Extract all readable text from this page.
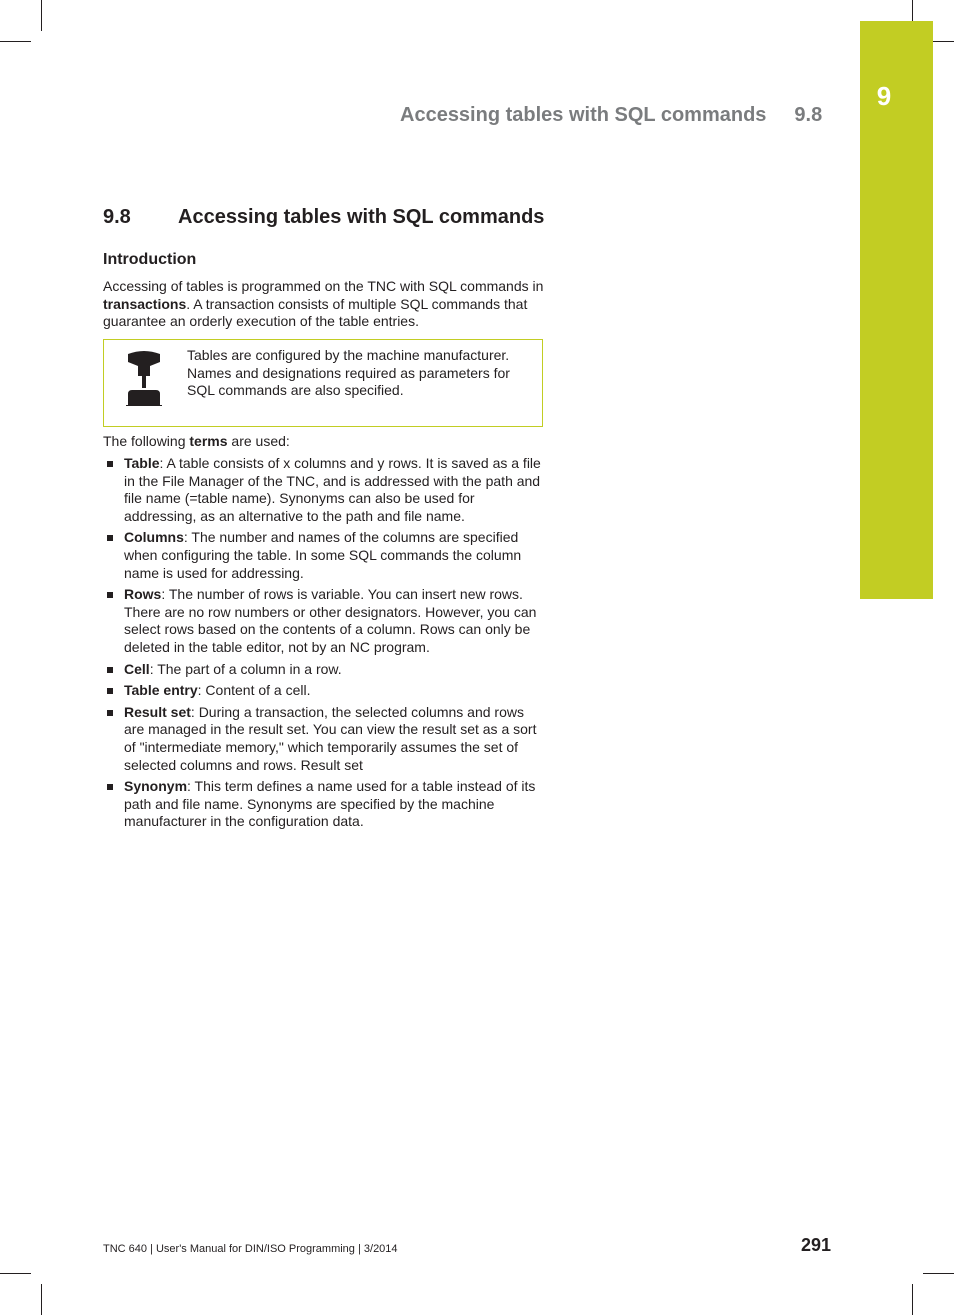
9
Accessing tables with SQL commands 9.8
9.8 Accessing tables with SQL commands
Introduction

Accessing of tables is programmed on the TNC with SQL commands in transactions. A transaction consists of multiple SQL commands that guarantee an orderly execution of the table entries.

Tables are configured by the machine manufacturer. Names and designations required as parameters for SQL commands are also specified.

The following terms are used:

Table: A table consists of x columns and y rows. It is saved as a file in the File Manager of the TNC, and is addressed with the path and file name (=table name). Synonyms can also be used for addressing, as an alternative to the path and file name.
Columns: The number and names of the columns are specified when configuring the table. In some SQL commands the column name is used for addressing.
Rows: The number of rows is variable. You can insert new rows. There are no row numbers or other designators. However, you can select rows based on the contents of a column. Rows can only be deleted in the table editor, not by an NC program.
Cell: The part of a column in a row.
Table entry: Content of a cell.
Result set: During a transaction, the selected columns and rows are managed in the result set. You can view the result set as a sort of "intermediate memory," which temporarily assumes the set of selected columns and rows. Result set
Synonym: This term defines a name used for a table instead of its path and file name. Synonyms are specified by the machine manufacturer in the configuration data.
TNC 640 | User's Manual for DIN/ISO Programming | 3/2014	291
